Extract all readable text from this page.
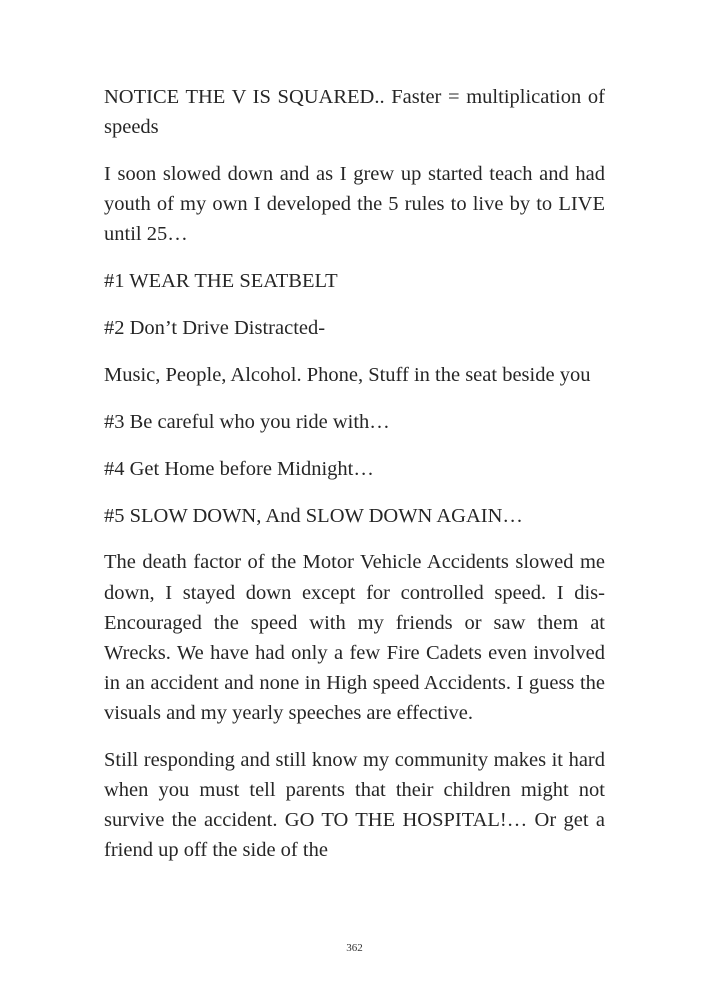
NOTICE THE V IS SQUARED.. Faster = multiplication of speeds

I soon slowed down and as I grew up started teach and had youth of my own I developed the 5 rules to live by to LIVE until 25…

#1 WEAR THE SEATBELT

#2 Don’t Drive Distracted-

Music, People, Alcohol. Phone, Stuff in the seat beside you

#3 Be careful who you ride with…

#4 Get Home before Midnight…

#5 SLOW DOWN, And SLOW DOWN AGAIN…

The death factor of the Motor Vehicle Accidents slowed me down, I stayed down except for controlled speed. I dis- Encouraged the speed with my friends or saw them at Wrecks. We have had only a few Fire Cadets even involved in an accident and none in High speed Accidents. I guess the visuals and my yearly speeches are effective.

Still responding and still know my community makes it hard when you must tell parents that their children might not survive the accident. GO TO THE HOSPITAL!… Or get a friend up off the side of the

362
